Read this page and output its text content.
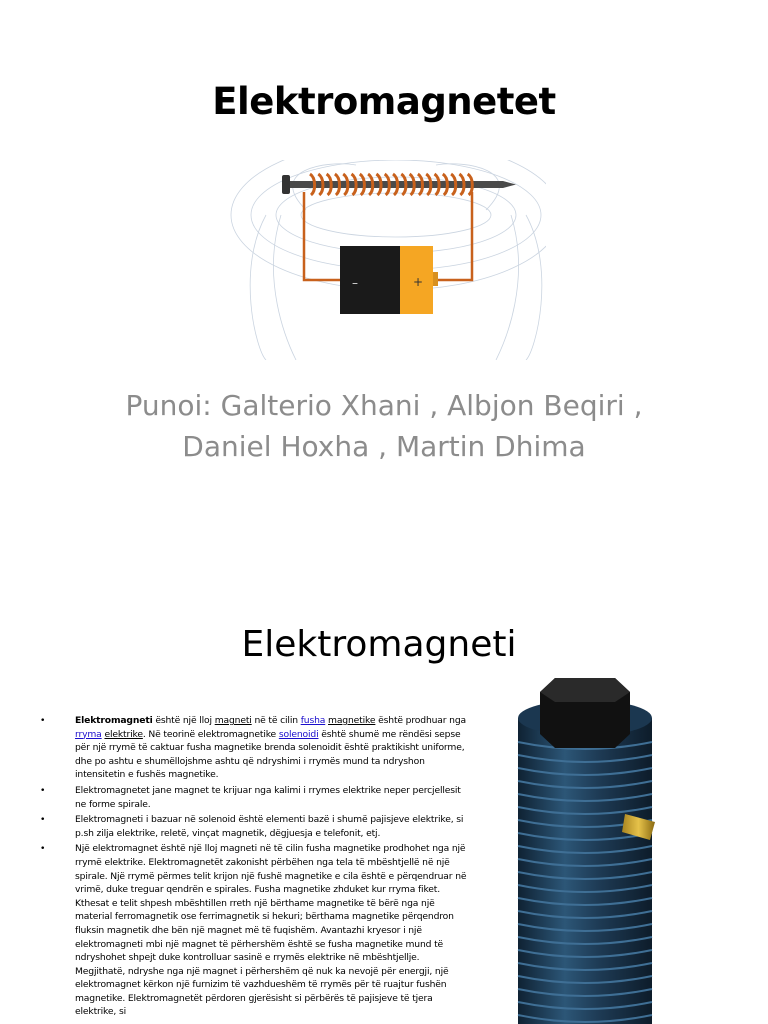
Elektromagnetet
–	+
Punoi: Galterio Xhani , Albjon Beqiri ,
Daniel Hoxha , Martin Dhima
Elektromagneti
•	Elektromagneti është një lloj magneti në të cilin fusha magnetike është prodhuar nga rryma elektrike. Në teorinë elektromagnetike solenoidi është shumë me rëndësi sepse për një rrymë të caktuar fusha magnetike brenda solenoidit është praktikisht uniforme, dhe po ashtu e shumëllojshme ashtu që ndryshimi i rrymës mund ta ndryshon intensitetin e fushës magnetike.
•	Elektromagnetet jane magnet te krijuar nga kalimi i rrymes elektrike neper percjellesit ne forme spirale.
•	Elektromagneti i bazuar në solenoid është elementi bazë i shumë pajisjeve elektrike, si p.sh zilja elektrike, reletë, vinçat magnetik, dëgjuesja e telefonit, etj.
•	Një elektromagnet është një lloj magneti në të cilin fusha magnetike prodhohet nga një rrymë elektrike. Elektromagnetët zakonisht përbëhen nga tela të mbështjellë në një spirale. Një rrymë përmes telit krijon një fushë magnetike e cila është e përqendruar në vrimë, duke treguar qendrën e spirales. Fusha magnetike zhduket kur rryma fiket. Kthesat e telit shpesh mbështillen rreth një bërthame magnetike të bërë nga një material ferromagnetik ose ferrimagnetik si hekuri; bërthama magnetike përqendron fluksin magnetik dhe bën një magnet më të fuqishëm. Avantazhi kryesor i një elektromagneti mbi një magnet të përhershëm është se fusha magnetike mund të ndryshohet shpejt duke kontrolluar sasinë e rrymës elektrike në mbështjellje. Megjithatë, ndryshe nga një magnet i përhershëm që nuk ka nevojë për energji, një elektromagnet kërkon një furnizim të vazhdueshëm të rrymës për të ruajtur fushën magnetike. Elektromagnetët përdoren gjerësisht si përbërës të pajisjeve të tjera elektrike, si
